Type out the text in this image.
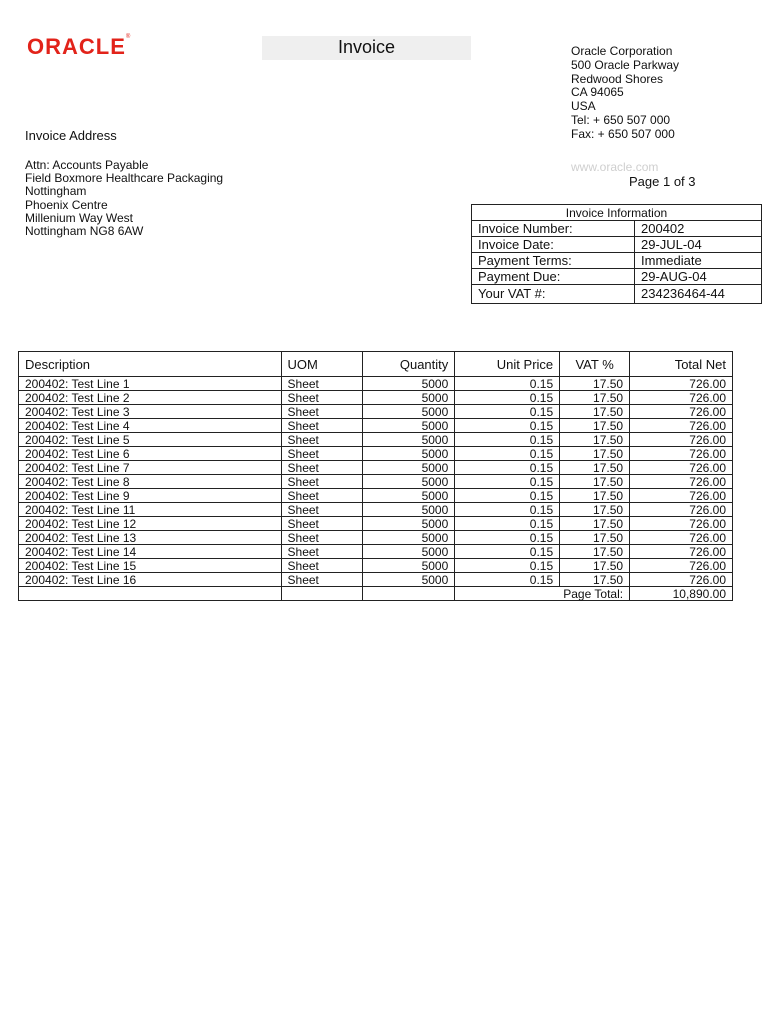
ORACLE®	Invoice	Oracle Corporation
500 Oracle Parkway
Redwood Shores
CA 94065
USA
Tel: + 650 507 000
Fax: + 650 507 000
www.oracle.com
Page 1 of 3
Invoice Address
Attn: Accounts Payable
Field Boxmore Healthcare Packaging
Nottingham
Phoenix Centre
Millenium Way West
Nottingham NG8 6AW
Invoice Information	
Invoice Number:	200402
Invoice Date:	29-JUL-04
Payment Terms:	Immediate
Payment Due:	29-AUG-04
Your VAT #:	234236464-44
Description	UOM	Quantity	Unit Price	VAT %	Total Net
200402: Test Line 1	Sheet	5000	0.15	17.50	726.00
200402: Test Line 2	Sheet	5000	0.15	17.50	726.00
200402: Test Line 3	Sheet	5000	0.15	17.50	726.00
200402: Test Line 4	Sheet	5000	0.15	17.50	726.00
200402: Test Line 5	Sheet	5000	0.15	17.50	726.00
200402: Test Line 6	Sheet	5000	0.15	17.50	726.00
200402: Test Line 7	Sheet	5000	0.15	17.50	726.00
200402: Test Line 8	Sheet	5000	0.15	17.50	726.00
200402: Test Line 9	Sheet	5000	0.15	17.50	726.00
200402: Test Line 11	Sheet	5000	0.15	17.50	726.00
200402: Test Line 12	Sheet	5000	0.15	17.50	726.00
200402: Test Line 13	Sheet	5000	0.15	17.50	726.00
200402: Test Line 14	Sheet	5000	0.15	17.50	726.00
200402: Test Line 15	Sheet	5000	0.15	17.50	726.00
200402: Test Line 16	Sheet	5000	0.15	17.50	726.00
			Page Total:		10,890.00
